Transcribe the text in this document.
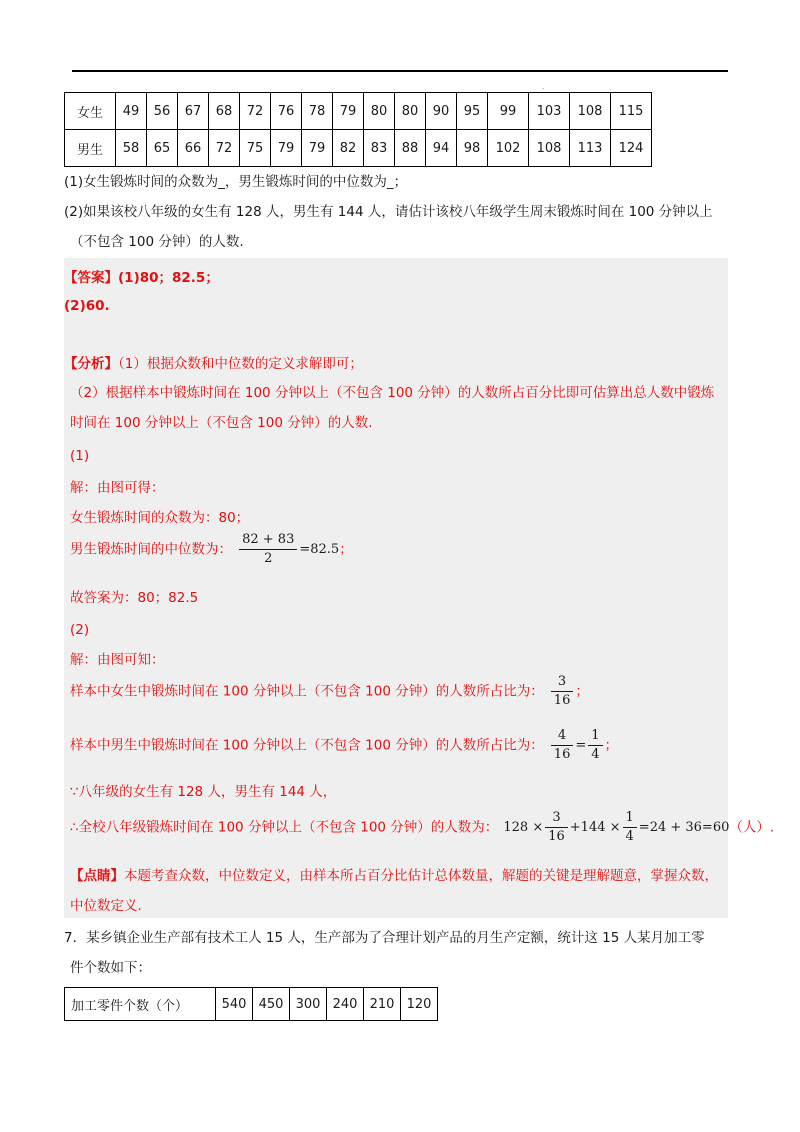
.
女生	49	56	67	68	72	76	78	79	80	80	90	95	99	103	108	115
男生	58	65	66	72	75	79	79	82	83	88	94	98	102	108	113	124
(1)女生锻炼时间的众数为_，男生锻炼时间的中位数为_；
(2)如果该校八年级的女生有 128 人，男生有 144 人，请估计该校八年级学生周末锻炼时间在 100 分钟以上
（不包含 100 分钟）的人数.
【答案】(1)80；82.5；
(2)60.
【分析】（1）根据众数和中位数的定义求解即可；
（2）根据样本中锻炼时间在 100 分钟以上（不包含 100 分钟）的人数所占百分比即可估算出总人数中锻炼
时间在 100 分钟以上（不包含 100 分钟）的人数.
(1)
解：由图可得：
女生锻炼时间的众数为：80；
男生锻炼时间的中位数为： $\frac{82 + 83}{2} =82.5$；
故答案为：80；82.5
(2)
解：由图可知：
样本中女生中锻炼时间在 100 分钟以上（不包含 100 分钟）的人数所占比为： $\frac{3}{16}$ ；
样本中男生中锻炼时间在 100 分钟以上（不包含 100 分钟）的人数所占比为： $\frac{4}{16} = \frac{1}{4}$ ；
∵八年级的女生有 128 人，男生有 144 人，
∴全校八年级锻炼时间在 100 分钟以上（不包含 100 分钟）的人数为： $128 \times \frac{3}{16} +144 \times \frac{1}{4} =24 + 36=60$（人）.
【点睛】本题考查众数，中位数定义，由样本所占百分比估计总体数量，解题的关键是理解题意，掌握众数，
中位数定义.
7．某乡镇企业生产部有技术工人 15 人，生产部为了合理计划产品的月生产定额，统计这 15 人某月加工零
件个数如下：
加工零件个数（个）	540	450	300	240	210	120
